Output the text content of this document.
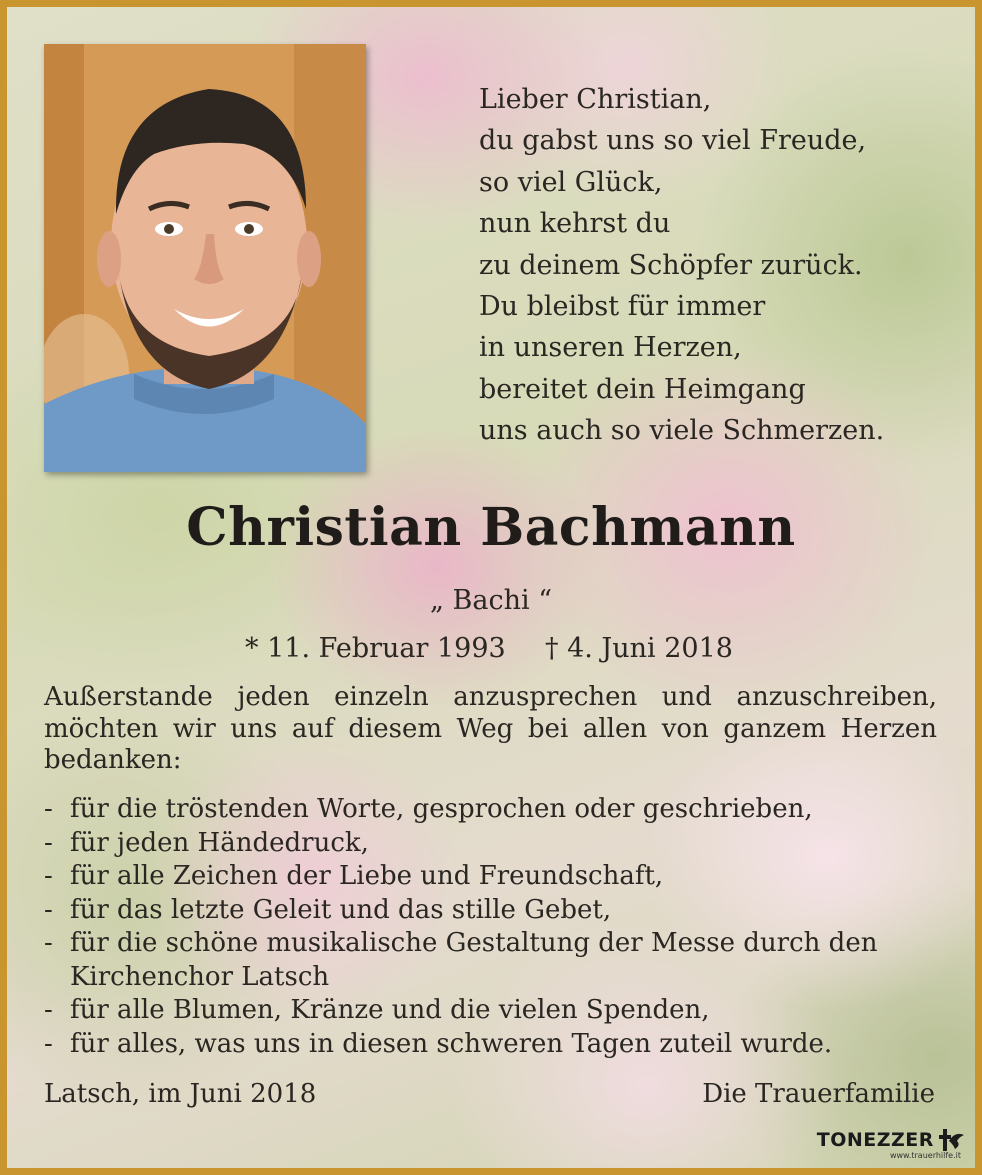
Lieber Christian,
du gabst uns so viel Freude,
so viel Glück,
nun kehrst du
zu deinem Schöpfer zurück.
Du bleibst für immer
in unseren Herzen,
bereitet dein Heimgang
uns auch so viele Schmerzen.
Christian Bachmann
„ Bachi “
* 11. Februar 1993 † 4. Juni 2018
Außerstande jeden einzeln anzusprechen und anzuschreiben, möchten wir uns auf diesem Weg bei allen von ganzem Herzen bedanken:
- für die tröstenden Worte, gesprochen oder geschrieben,
- für jeden Händedruck,
- für alle Zeichen der Liebe und Freundschaft,
- für das letzte Geleit und das stille Gebet,
- für die schöne musikalische Gestaltung der Messe durch den
Kirchenchor Latsch
- für alle Blumen, Kränze und die vielen Spenden,
- für alles, was uns in diesen schweren Tagen zuteil wurde.
Latsch, im Juni 2018	Die Trauerfamilie
TONEZZER
www.trauerhilfe.it
